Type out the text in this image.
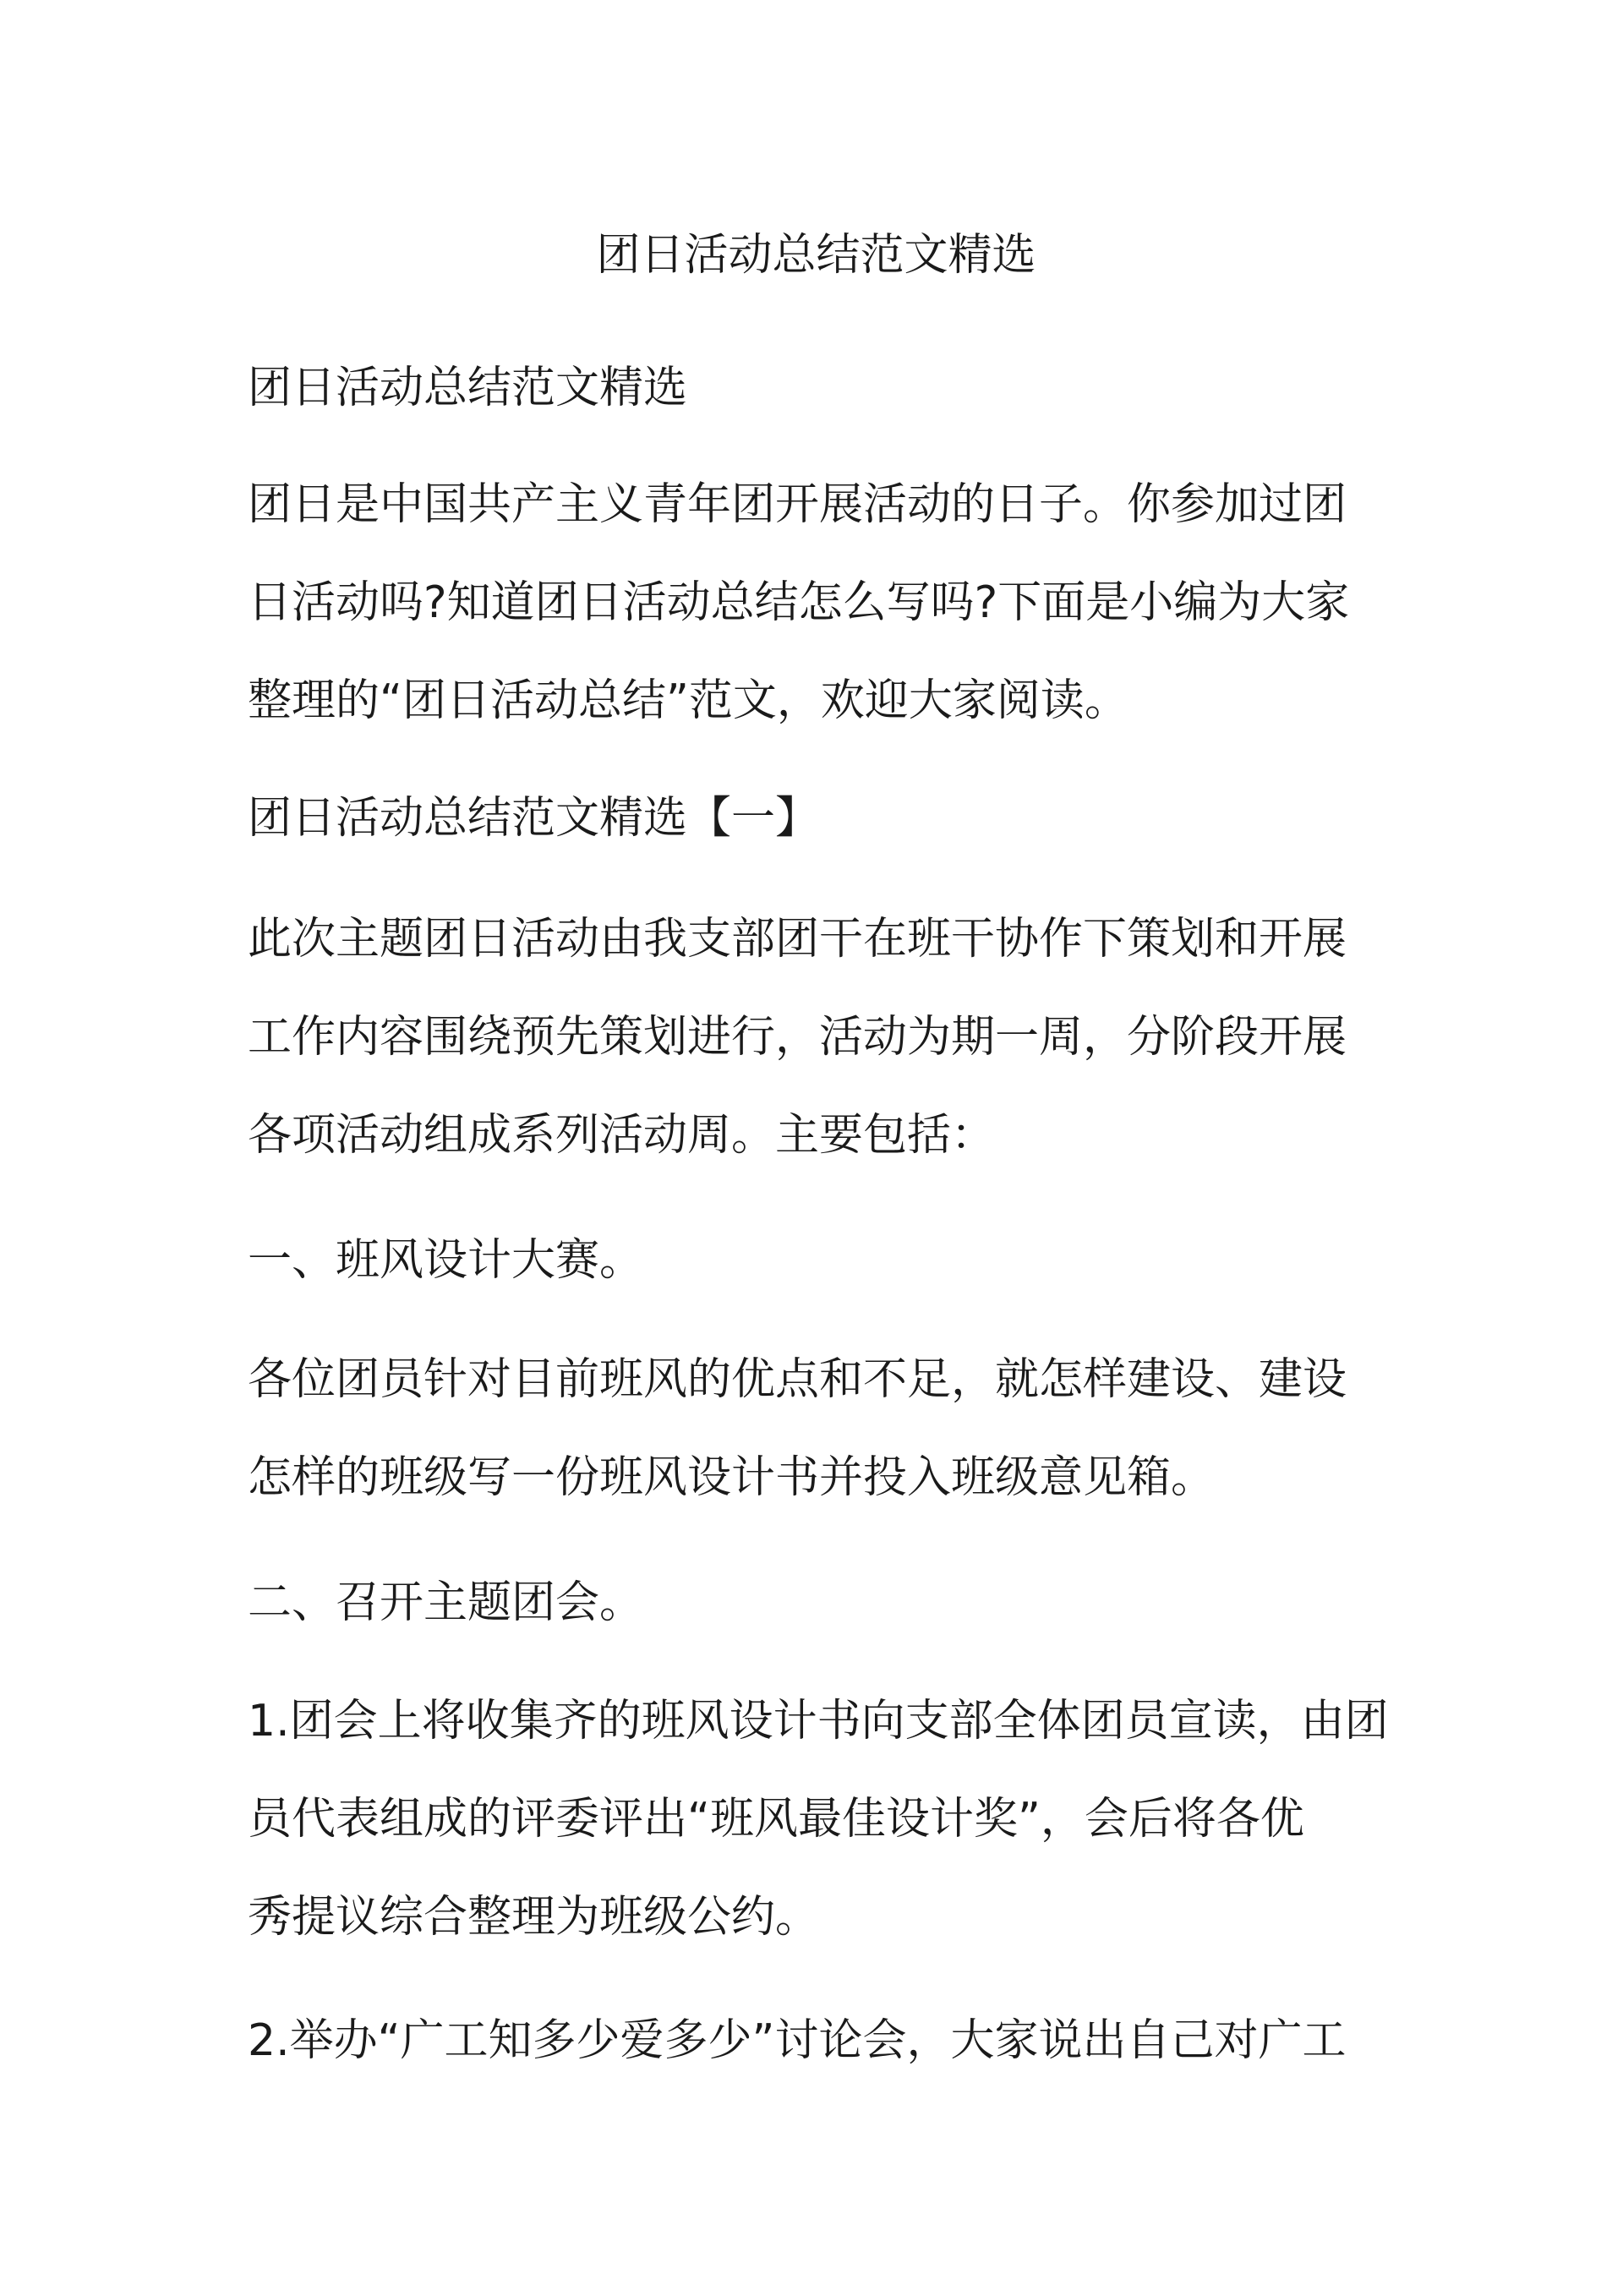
团日活动总结范文精选

团日活动总结范文精选

团日是中国共产主义青年团开展活动的日子。你参加过团
日活动吗?知道团日活动总结怎么写吗?下面是小编为大家
整理的“团日活动总结”范文，欢迎大家阅读。

团日活动总结范文精选【一】

此次主题团日活动由我支部团干在班干协作下策划和开展
工作内容围绕预先策划进行，活动为期一周，分阶段开展
各项活动组成系列活动周。主要包括：

一、班风设计大赛。

各位团员针对目前班风的优点和不足，就怎样建设、建设
怎样的班级写一份班风设计书并投入班级意见箱。

二、召开主题团会。

1.团会上将收集齐的班风设计书向支部全体团员宣读，由团
员代表组成的评委评出“班风最佳设计奖”，会后将各优
秀提议综合整理为班级公约。

2.举办“广工知多少爱多少”讨论会，大家说出自己对广工
